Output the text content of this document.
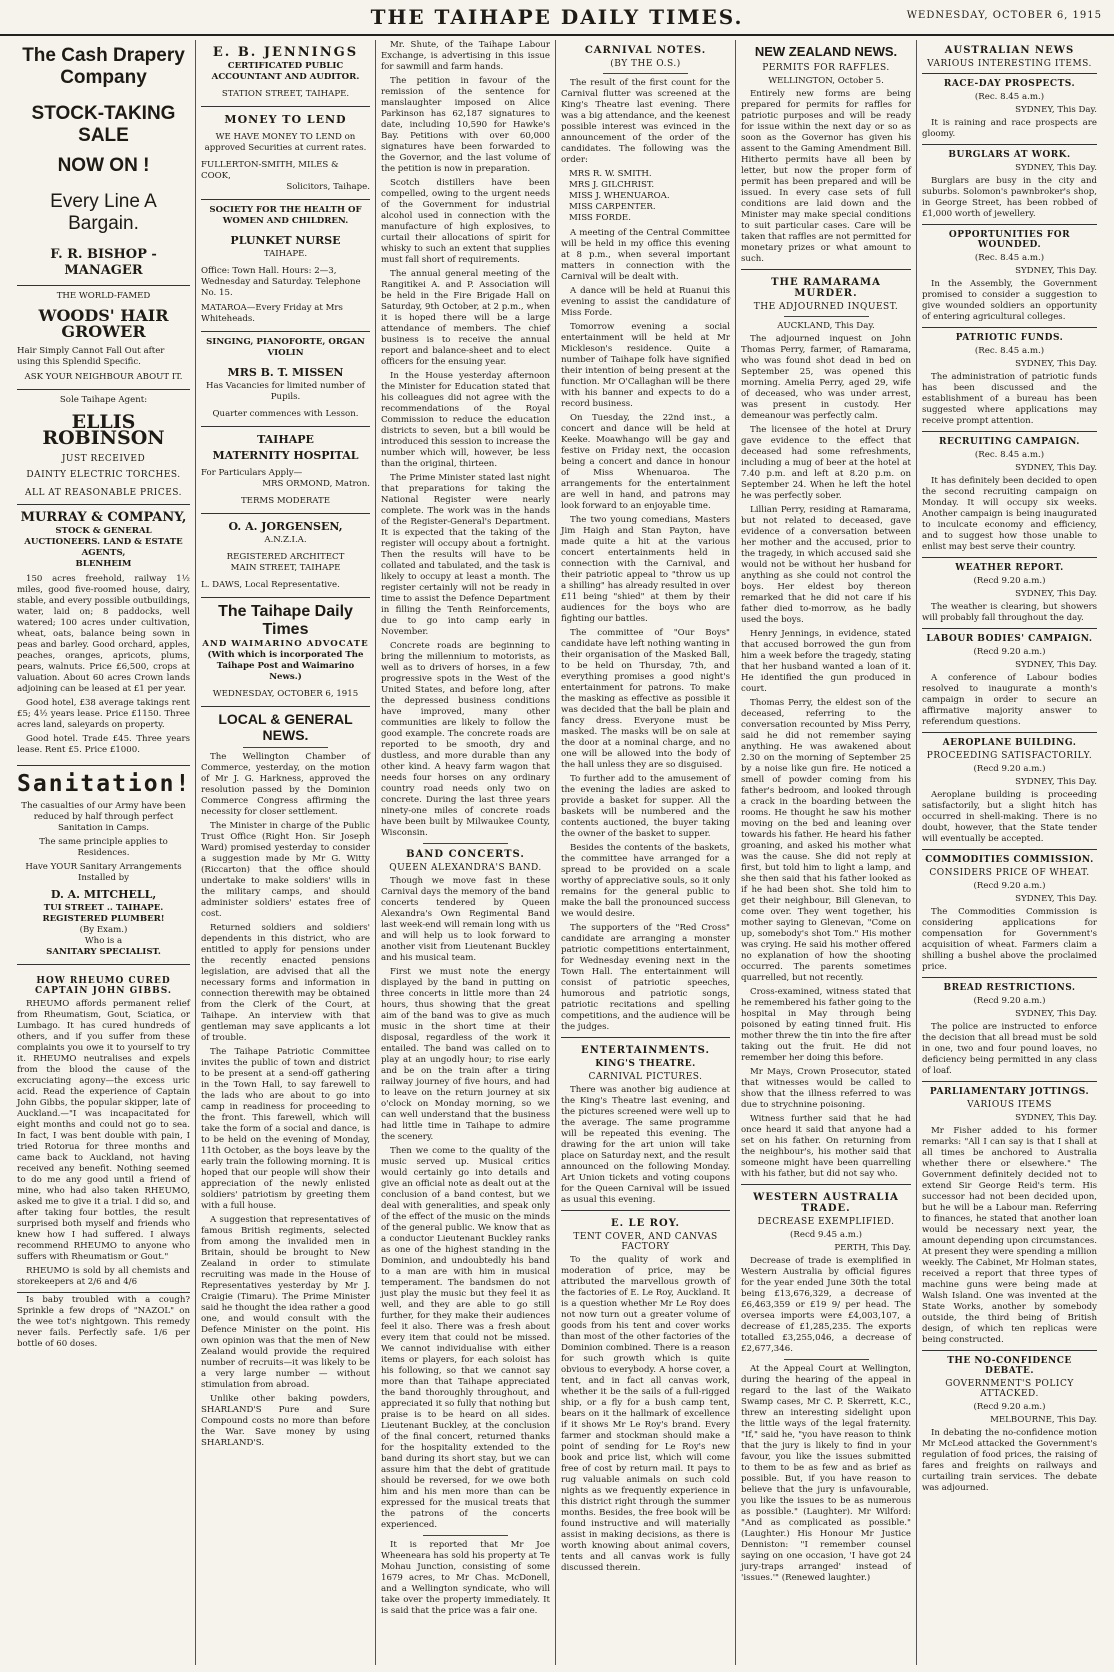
THE TAIHAPE DAILY TIMES.	WEDNESDAY, OCTOBER 6, 1915
The Cash Drapery Company
STOCK-TAKING SALE
NOW ON !
Every Line A Bargain.
F. R. BISHOP - MANAGER
THE WORLD-FAMED
WOODS' HAIR GROWER
Hair Simply Cannot Fall Out after using this Splendid Specific.
ASK YOUR NEIGHBOUR ABOUT IT.
Sole Taihape Agent:
ELLIS ROBINSON
JUST RECEIVED
DAINTY ELECTRIC TORCHES.
ALL AT REASONABLE PRICES.
MURRAY & COMPANY,
STOCK & GENERAL AUCTIONEERS. LAND & ESTATE AGENTS,
BLENHEIM

150 acres freehold, railway 1½ miles, good five-roomed house, dairy, stable, and every possible outbuildings, water, laid on; 8 paddocks, well watered; 100 acres under cultivation, wheat, oats, balance being sown in peas and barley. Good orchard, apples, peaches, oranges, apricots, plums, pears, walnuts. Price £6,500, crops at valuation. About 60 acres Crown lands adjoining can be leased at £1 per year.

Good hotel, £38 average takings rent £5; 4½ years lease. Price £1150. Three acres land, saleyards on property.

Good hotel. Trade £45. Three years lease. Rent £5. Price £1000.

Sanitation!
The casualties of our Army have been reduced by half through perfect Sanitation in Camps.
The same principle applies to Residences.
Have YOUR Sanitary Arrangements Installed by
D. A. MITCHELL,
TUI STREET .. TAIHAPE.
REGISTERED PLUMBER!
(By Exam.)
Who is a
SANITARY SPECIALIST.
HOW RHEUMO CURED CAPTAIN JOHN GIBBS.

RHEUMO affords permanent relief from Rheumatism, Gout, Sciatica, or Lumbago. It has cured hundreds of others, and if you suffer from these complaints you owe it to yourself to try it. RHEUMO neutralises and expels from the blood the cause of the excruciating agony—the excess uric acid. Read the experience of Captain John Gibbs, the popular skipper, late of Auckland.—"I was incapacitated for eight months and could not go to sea. In fact, I was bent double with pain, I tried Rotorua for three months and came back to Auckland, not having received any benefit. Nothing seemed to do me any good until a friend of mine, who had also taken RHEUMO, asked me to give it a trial. I did so, and after taking four bottles, the result surprised both myself and friends who knew how I had suffered. I always recommend RHEUMO to anyone who suffers with Rheumatism or Gout."

RHEUMO is sold by all chemists and storekeepers at 2/6 and 4/6

Is baby troubled with a cough? Sprinkle a few drops of "NAZOL" on the wee tot's nightgown. This remedy never fails. Perfectly safe. 1/6 per bottle of 60 doses.

E. B. JENNINGS
CERTIFICATED PUBLIC ACCOUNTANT AND AUDITOR.
STATION STREET, TAIHAPE.
MONEY TO LEND
WE HAVE MONEY TO LEND on approved Securities at current rates.
FULLERTON-SMITH, MILES & COOK,
Solicitors, Taihape.
SOCIETY FOR THE HEALTH OF WOMEN AND CHILDREN.
PLUNKET NURSE
TAIHAPE.
Office: Town Hall. Hours: 2—3, Wednesday and Saturday. Telephone No. 15.
MATAROA—Every Friday at Mrs Whiteheads.
SINGING, PIANOFORTE, ORGAN VIOLIN
MRS B. T. MISSEN
Has Vacancies for limited number of Pupils.
Quarter commences with Lesson.
TAIHAPE
MATERNITY HOSPITAL
For Particulars Apply—
MRS ORMOND, Matron.
TERMS MODERATE
O. A. JORGENSEN,
A.N.Z.I.A.
REGISTERED ARCHITECT
MAIN STREET, TAIHAPE
L. DAWS, Local Representative.
The Taihape Daily Times
AND WAIMARINO ADVOCATE
(With which is incorporated The Taihape Post and Waimarino News.)
WEDNESDAY, OCTOBER 6, 1915
LOCAL & GENERAL NEWS.

The Wellington Chamber of Commerce, yesterday, on the motion of Mr J. G. Harkness, approved the resolution passed by the Dominion Commerce Congress affirming the necessity for closer settlement.

The Minister in charge of the Public Trust Office (Right Hon. Sir Joseph Ward) promised yesterday to consider a suggestion made by Mr G. Witty (Riccarton) that the office should undertake to make soldiers' wills in the military camps, and should administer soldiers' estates free of cost.

Returned soldiers and soldiers' dependents in this district, who are entitled to apply for pensions under the recently enacted pensions legislation, are advised that all the necessary forms and information in connection therewith may be obtained from the Clerk of the Court, at Taihape. An interview with that gentleman may save applicants a lot of trouble.

The Taihape Patriotic Committee invites the public of town and district to be present at a send-off gathering in the Town Hall, to say farewell to the lads who are about to go into camp in readiness for proceeding to the front. This farewell, which will take the form of a social and dance, is to be held on the evening of Monday, 11th October, as the boys leave by the early train the following morning. It is hoped that our people will show their appreciation of the newly enlisted soldiers' patriotism by greeting them with a full house.

A suggestion that representatives of famous British regiments, selected from among the invalided men in Britain, should be brought to New Zealand in order to stimulate recruiting was made in the House of Representatives yesterday by Mr J. Craigie (Timaru). The Prime Minister said he thought the idea rather a good one, and would consult with the Defence Minister on the point. His own opinion was that the men of New Zealand would provide the required number of recruits—it was likely to be a very large number — without stimulation from abroad.

Unlike other baking powders, SHARLAND'S Pure and Sure Compound costs no more than before the War. Save money by using SHARLAND'S.

Mr. Shute, of the Taihape Labour Exchange, is advertising in this issue for sawmill and farm hands.

The petition in favour of the remission of the sentence for manslaughter imposed on Alice Parkinson has 62,187 signatures to date, including 10,590 for Hawke's Bay. Petitions with over 60,000 signatures have been forwarded to the Governor, and the last volume of the petition is now in preparation.

Scotch distillers have been compelled, owing to the urgent needs of the Government for industrial alcohol used in connection with the manufacture of high explosives, to curtail their allocations of spirit for whisky to such an extent that supplies must fall short of requirements.

The annual general meeting of the Rangitikei A. and P. Association will be held in the Fire Brigade Hall on Saturday, 9th October, at 2 p.m., when it is hoped there will be a large attendance of members. The chief business is to receive the annual report and balance-sheet and to elect officers for the ensuing year.

In the House yesterday afternoon the Minister for Education stated that his colleagues did not agree with the recommendations of the Royal Commission to reduce the education districts to seven, but a bill would be introduced this session to increase the number which will, however, be less than the original, thirteen.

The Prime Minister stated last night that preparations for taking the National Register were nearly complete. The work was in the hands of the Register-General's Department. It is expected that the taking of the register will occupy about a fortnight. Then the results will have to be collated and tabulated, and the task is likely to occupy at least a month. The register certainly will not be ready in time to assist the Defence Department in filling the Tenth Reinforcements, due to go into camp early in November.

Concrete roads are beginning to bring the millennium to motorists, as well as to drivers of horses, in a few progressive spots in the West of the United States, and before long, after the depressed business conditions have improved, many other communities are likely to follow the good example. The concrete roads are reported to be smooth, dry and dustless, and more durable than any other kind. A heavy farm wagon that needs four horses on any ordinary country road needs only two on concrete. During the last three years ninety-one miles of concrete roads have been built by Milwaukee County, Wisconsin.

BAND CONCERTS.
QUEEN ALEXANDRA'S BAND.

Though we move fast in these Carnival days the memory of the band concerts tendered by Queen Alexandra's Own Regimental Band last week-end will remain long with us and will help us to look forward to another visit from Lieutenant Buckley and his musical team.

First we must note the energy displayed by the band in putting on three concerts in little more than 24 hours, thus showing that the great aim of the band was to give as much music in the short time at their disposal, regardless of the work it entailed. The band was called on to play at an ungodly hour; to rise early and be on the train after a tiring railway journey of five hours, and had to leave on the return journey at six o'clock on Monday morning, so we can well understand that the business had little time in Taihape to admire the scenery.

Then we come to the quality of the music served up. Musical critics would certainly go into details and give an official note as dealt out at the conclusion of a band contest, but we deal with generalities, and speak only of the effect of the music on the minds of the general public. We know that as a conductor Lieutenant Buckley ranks as one of the highest standing in the Dominion, and undoubtedly his band to a man are with him in musical temperament. The bandsmen do not just play the music but they feel it as well, and they are able to go still further, for they make their audiences feel it also. There was a fresh about every item that could not be missed. We cannot individualise with either items or players, for each soloist has his following, so that we cannot say more than that Taihape appreciated the band thoroughly throughout, and appreciated it so fully that nothing but praise is to be heard on all sides. Lieutenant Buckley, at the conclusion of the final concert, returned thanks for the hospitality extended to the band during its short stay, but we can assure him that the debt of gratitude should be reversed, for we owe both him and his men more than can be expressed for the musical treats that the patrons of the concerts experienced.

It is reported that Mr Joe Wheeneara has sold his property at Te Mohau Junction, consisting of some 1679 acres, to Mr Chas. McDonell, and a Wellington syndicate, who will take over the property immediately. It is said that the price was a fair one.

CARNIVAL NOTES.
(BY THE O.S.)

The result of the first count for the Carnival flutter was screened at the King's Theatre last evening. There was a big attendance, and the keenest possible interest was evinced in the announcement of the order of the candidates. The following was the order:

MRS R. W. SMITH.

MRS J. GILCHRIST.

MISS J. WHENUAROA.

MISS CARPENTER.

MISS FORDE.

A meeting of the Central Committee will be held in my office this evening at 8 p.m., when several important matters in connection with the Carnival will be dealt with.

A dance will be held at Ruanui this evening to assist the candidature of Miss Forde.

Tomorrow evening a social entertainment will be held at Mr Mickleson's residence. Quite a number of Taihape folk have signified their intention of being present at the function. Mr O'Callaghan will be there with his banner and expects to do a record business.

On Tuesday, the 22nd inst., a concert and dance will be held at Keeke. Moawhango will be gay and festive on Friday next, the occasion being a concert and dance in honour of Miss Whenuaroa. The arrangements for the entertainment are well in hand, and patrons may look forward to an enjoyable time.

The two young comedians, Masters Jim Haigh and Stan Payton, have made quite a hit at the various concert entertainments held in connection with the Carnival, and their patriotic appeal to "throw us up a shilling" has already resulted in over £11 being "shied" at them by their audiences for the boys who are fighting our battles.

The committee of "Our Boys" candidate have left nothing wanting in their organisation of the Masked Ball, to be held on Thursday, 7th, and everything promises a good night's entertainment for patrons. To make the masking as effective as possible it was decided that the ball be plain and fancy dress. Everyone must be masked. The masks will be on sale at the door at a nominal charge, and no one will be allowed into the body of the hall unless they are so disguised.

To further add to the amusement of the evening the ladies are asked to provide a basket for supper. All the baskets will be numbered and the contents auctioned, the buyer taking the owner of the basket to supper.

Besides the contents of the baskets, the committee have arranged for a spread to be provided on a scale worthy of appreciative souls, so it only remains for the general public to make the ball the pronounced success we would desire.

The supporters of the "Red Cross" candidate are arranging a monster patriotic competitions entertainment, for Wednesday evening next in the Town Hall. The entertainment will consist of patriotic speeches, humorous and patriotic songs, patriotic recitations and spelling competitions, and the audience will be the judges.

ENTERTAINMENTS.
KING'S THEATRE.
CARNIVAL PICTURES.

There was another big audience at the King's Theatre last evening, and the pictures screened were well up to the average. The same programme will be repeated this evening. The drawing for the art union will take place on Saturday next, and the result announced on the following Monday. Art Union tickets and voting coupons for the Queen Carnival will be issued as usual this evening.

E. LE ROY.
TENT COVER, AND CANVAS FACTORY

To the quality of work and moderation of price, may be attributed the marvellous growth of the factories of E. Le Roy, Auckland. It is a question whether Mr Le Roy does not now turn out a greater volume of goods from his tent and cover works than most of the other factories of the Dominion combined. There is a reason for such growth which is quite obvious to everybody. A horse cover, a tent, and in fact all canvas work, whether it be the sails of a full-rigged ship, or a fly for a bush camp tent, bears on it the hallmark of excellence if it shows Mr Le Roy's brand. Every farmer and stockman should make a point of sending for Le Roy's new book and price list, which will come free of cost by return mail. It pays to rug valuable animals on such cold nights as we frequently experience in this district right through the summer months. Besides, the free book will be found instructive and will materially assist in making decisions, as there is worth knowing about animal covers, tents and all canvas work is fully discussed therein.

NEW ZEALAND NEWS.
PERMITS FOR RAFFLES.
WELLINGTON, October 5.

Entirely new forms are being prepared for permits for raffles for patriotic purposes and will be ready for issue within the next day or so as soon as the Governor has given his assent to the Gaming Amendment Bill. Hitherto permits have all been by letter, but now the proper form of permit has been prepared and will be issued. In every case sets of full conditions are laid down and the Minister may make special conditions to suit particular cases. Care will be taken that raffles are not permitted for monetary prizes or what amount to such.

THE RAMARAMA MURDER.
THE ADJOURNED INQUEST.
AUCKLAND, This Day.

The adjourned inquest on John Thomas Perry, farmer, of Ramarama, who was found shot dead in bed on September 25, was opened this morning. Amelia Perry, aged 29, wife of deceased, who was under arrest, was present in custody. Her demeanour was perfectly calm.

The licensee of the hotel at Drury gave evidence to the effect that deceased had some refreshments, including a mug of beer at the hotel at 7.40 p.m. and left at 8.20 p.m. on September 24. When he left the hotel he was perfectly sober.

Lillian Perry, residing at Ramarama, but not related to deceased, gave evidence of a conversation between her mother and the accused, prior to the tragedy, in which accused said she would not be without her husband for anything as she could not control the boys. Her eldest boy thereon remarked that he did not care if his father died to-morrow, as he badly used the boys.

Henry Jennings, in evidence, stated that accused borrowed the gun from him a week before the tragedy, stating that her husband wanted a loan of it. He identified the gun produced in court.

Thomas Perry, the eldest son of the deceased, referring to the conversation recounted by Miss Perry, said he did not remember saying anything. He was awakened about 2.30 on the morning of September 25 by a noise like gun fire. He noticed a smell of powder coming from his father's bedroom, and looked through a crack in the boarding between the rooms. He thought he saw his mother moving on the bed and leaning over towards his father. He heard his father groaning, and asked his mother what was the cause. She did not reply at first, but told him to light a lamp, and she then said that his father looked as if he had been shot. She told him to get their neighbour, Bill Glenevan, to come over. They went together, his mother saying to Glenevan, "Come on up, somebody's shot Tom." His mother was crying. He said his mother offered no explanation of how the shooting occurred. The parents sometimes quarrelled, but not recently.

Cross-examined, witness stated that he remembered his father going to the hospital in May through being poisoned by eating tinned fruit. His mother threw the tin into the fire after taking out the fruit. He did not remember her doing this before.

Mr Mays, Crown Prosecutor, stated that witnesses would be called to show that the illness referred to was due to strychnine poisoning.

Witness further said that he had once heard it said that anyone had a set on his father. On returning from the neighbour's, his mother said that someone might have been quarrelling with his father, but did not say who.

WESTERN AUSTRALIA TRADE.
DECREASE EXEMPLIFIED.
(Recd 9.45 a.m.)
PERTH, This Day.

Decrease of trade is exemplified in Western Australia by official figures for the year ended June 30th the total being £13,676,329, a decrease of £6,463,359 or £19 9/ per head. The oversea imports were £4,003,107, a decrease of £1,285,235. The exports totalled £3,255,046, a decrease of £2,677,346.

At the Appeal Court at Wellington, during the hearing of the appeal in regard to the last of the Waikato Swamp cases, Mr C. P. Skerrett, K.C., threw an interesting sidelight upon the little ways of the legal fraternity. "If," said he, "you have reason to think that the jury is likely to find in your favour, you like the issues submitted to them to be as few and as brief as possible. But, if you have reason to believe that the jury is unfavourable, you like the issues to be as numerous as possible." (Laughter). Mr Wilford: "And as complicated as possible." (Laughter.) His Honour Mr Justice Denniston: "I remember counsel saying on one occasion, 'I have got 24 jury-traps arranged' instead of 'issues.'" (Renewed laughter.)

AUSTRALIAN NEWS
VARIOUS INTERESTING ITEMS.
RACE-DAY PROSPECTS.
(Rec. 8.45 a.m.)
SYDNEY, This Day.

It is raining and race prospects are gloomy.

BURGLARS AT WORK.
SYDNEY, This Day.

Burglars are busy in the city and suburbs. Solomon's pawnbroker's shop, in George Street, has been robbed of £1,000 worth of jewellery.

OPPORTUNITIES FOR WOUNDED.
(Rec. 8.45 a.m.)
SYDNEY, This Day.

In the Assembly, the Government promised to consider a suggestion to give wounded soldiers an opportunity of entering agricultural colleges.

PATRIOTIC FUNDS.
(Rec. 8.45 a.m.)
SYDNEY, This Day.

The administration of patriotic funds has been discussed and the establishment of a bureau has been suggested where applications may receive prompt attention.

RECRUITING CAMPAIGN.
(Rec. 8.45 a.m.)
SYDNEY, This Day.

It has definitely been decided to open the second recruiting campaign on Monday. It will occupy six weeks. Another campaign is being inaugurated to inculcate economy and efficiency, and to suggest how those unable to enlist may best serve their country.

WEATHER REPORT.
(Recd 9.20 a.m.)
SYDNEY, This Day.

The weather is clearing, but showers will probably fall throughout the day.

LABOUR BODIES' CAMPAIGN.
(Recd 9.20 a.m.)
SYDNEY, This Day.

A conference of Labour bodies resolved to inaugurate a month's campaign in order to secure an affirmative majority answer to referendum questions.

AEROPLANE BUILDING.
PROCEEDING SATISFACTORILY.
(Recd 9.20 a.m.)
SYDNEY, This Day.

Aeroplane building is proceeding satisfactorily, but a slight hitch has occurred in shell-making. There is no doubt, however, that the State tender will eventually be accepted.

COMMODITIES COMMISSION.
CONSIDERS PRICE OF WHEAT.
(Recd 9.20 a.m.)
SYDNEY, This Day.

The Commodities Commission is considering applications for compensation for Government's acquisition of wheat. Farmers claim a shilling a bushel above the proclaimed price.

BREAD RESTRICTIONS.
(Recd 9.20 a.m.)
SYDNEY, This Day.

The police are instructed to enforce the decision that all bread must be sold in one, two and four pound loaves, no deficiency being permitted in any class of loaf.

PARLIAMENTARY JOTTINGS.
VARIOUS ITEMS
SYDNEY, This Day.

Mr Fisher added to his former remarks: "All I can say is that I shall at all times be anchored to Australia whether there or elsewhere." The Government definitely decided not to extend Sir George Reid's term. His successor had not been decided upon, but he will be a Labour man. Referring to finances, he stated that another loan would be necessary next year, the amount depending upon circumstances. At present they were spending a million weekly. The Cabinet, Mr Holman states, received a report that three types of machine guns were being made at Walsh Island. One was invented at the State Works, another by somebody outside, the third being of British design, of which ten replicas were being constructed.

THE NO-CONFIDENCE DEBATE.
GOVERNMENT'S POLICY ATTACKED.
(Recd 9.20 a.m.)
MELBOURNE, This Day.

In debating the no-confidence motion Mr McLeod attacked the Government's regulation of food prices, the raising of fares and freights on railways and curtailing train services. The debate was adjourned.
